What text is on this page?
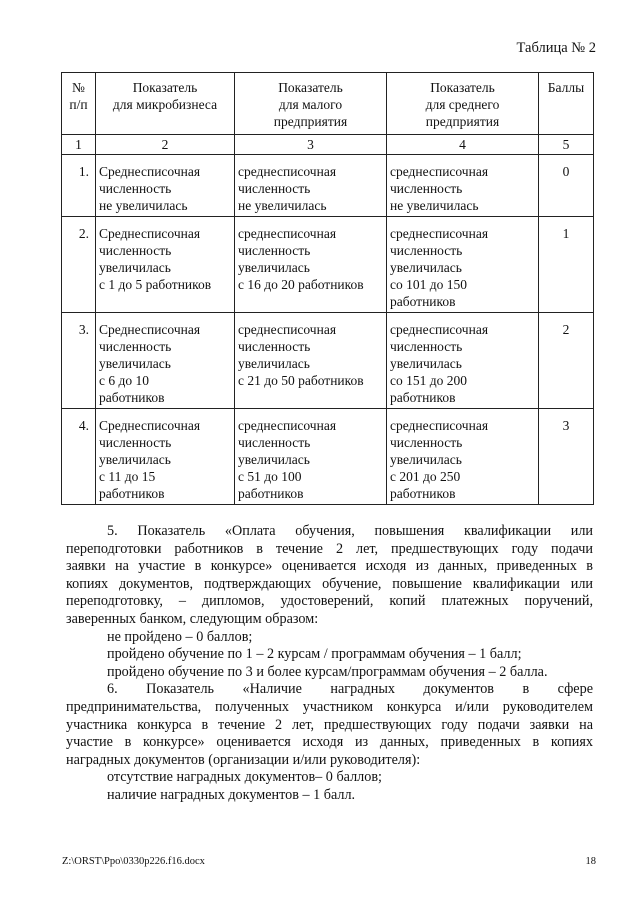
Таблица № 2
№
п/п	Показатель
для микробизнеса	Показатель
для малого
предприятия	Показатель
для среднего
предприятия	Баллы
1	2	3	4	5
1.	Среднесписочная
численность
не увеличилась	среднесписочная
численность
не увеличилась	среднесписочная
численность
не увеличилась	0
2.	Среднесписочная
численность
увеличилась
с 1 до 5 работников	среднесписочная
численность
увеличилась
с 16 до 20 работников	среднесписочная
численность
увеличилась
со 101 до 150
работников	1
3.	Среднесписочная
численность
увеличилась
с 6 до 10
работников	среднесписочная
численность
увеличилась
с 21 до 50 работников	среднесписочная
численность
увеличилась
со 151 до 200
работников	2
4.	Среднесписочная
численность
увеличилась
с 11 до 15
работников	среднесписочная
численность
увеличилась
с 51 до 100
работников	среднесписочная
численность
увеличилась
с 201 до 250
работников	3

5. Показатель «Оплата обучения, повышения квалификации или

переподготовки работников в течение 2 лет, предшествующих году подачи

заявки на участие в конкурсе» оценивается исходя из данных, приведенных в

копиях документов, подтверждающих обучение, повышение квалификации или

переподготовку, – дипломов, удостоверений, копий платежных поручений,

заверенных банком, следующим образом:

не пройдено – 0 баллов;

пройдено обучение по 1 – 2 курсам / программам обучения – 1 балл;

пройдено обучение по 3 и более курсам/программам обучения – 2 балла.

6. Показатель «Наличие наградных документов в сфере

предпринимательства, полученных участником конкурса и/или руководителем

участника конкурса в течение 2 лет, предшествующих году подачи заявки на

участие в конкурсе» оценивается исходя из данных, приведенных в копиях

наградных документов (организации и/или руководителя):

отсутствие наградных документов– 0 баллов;

наличие наградных документов – 1 балл.

Z:\ORST\Ppo\0330p226.f16.docx	18
